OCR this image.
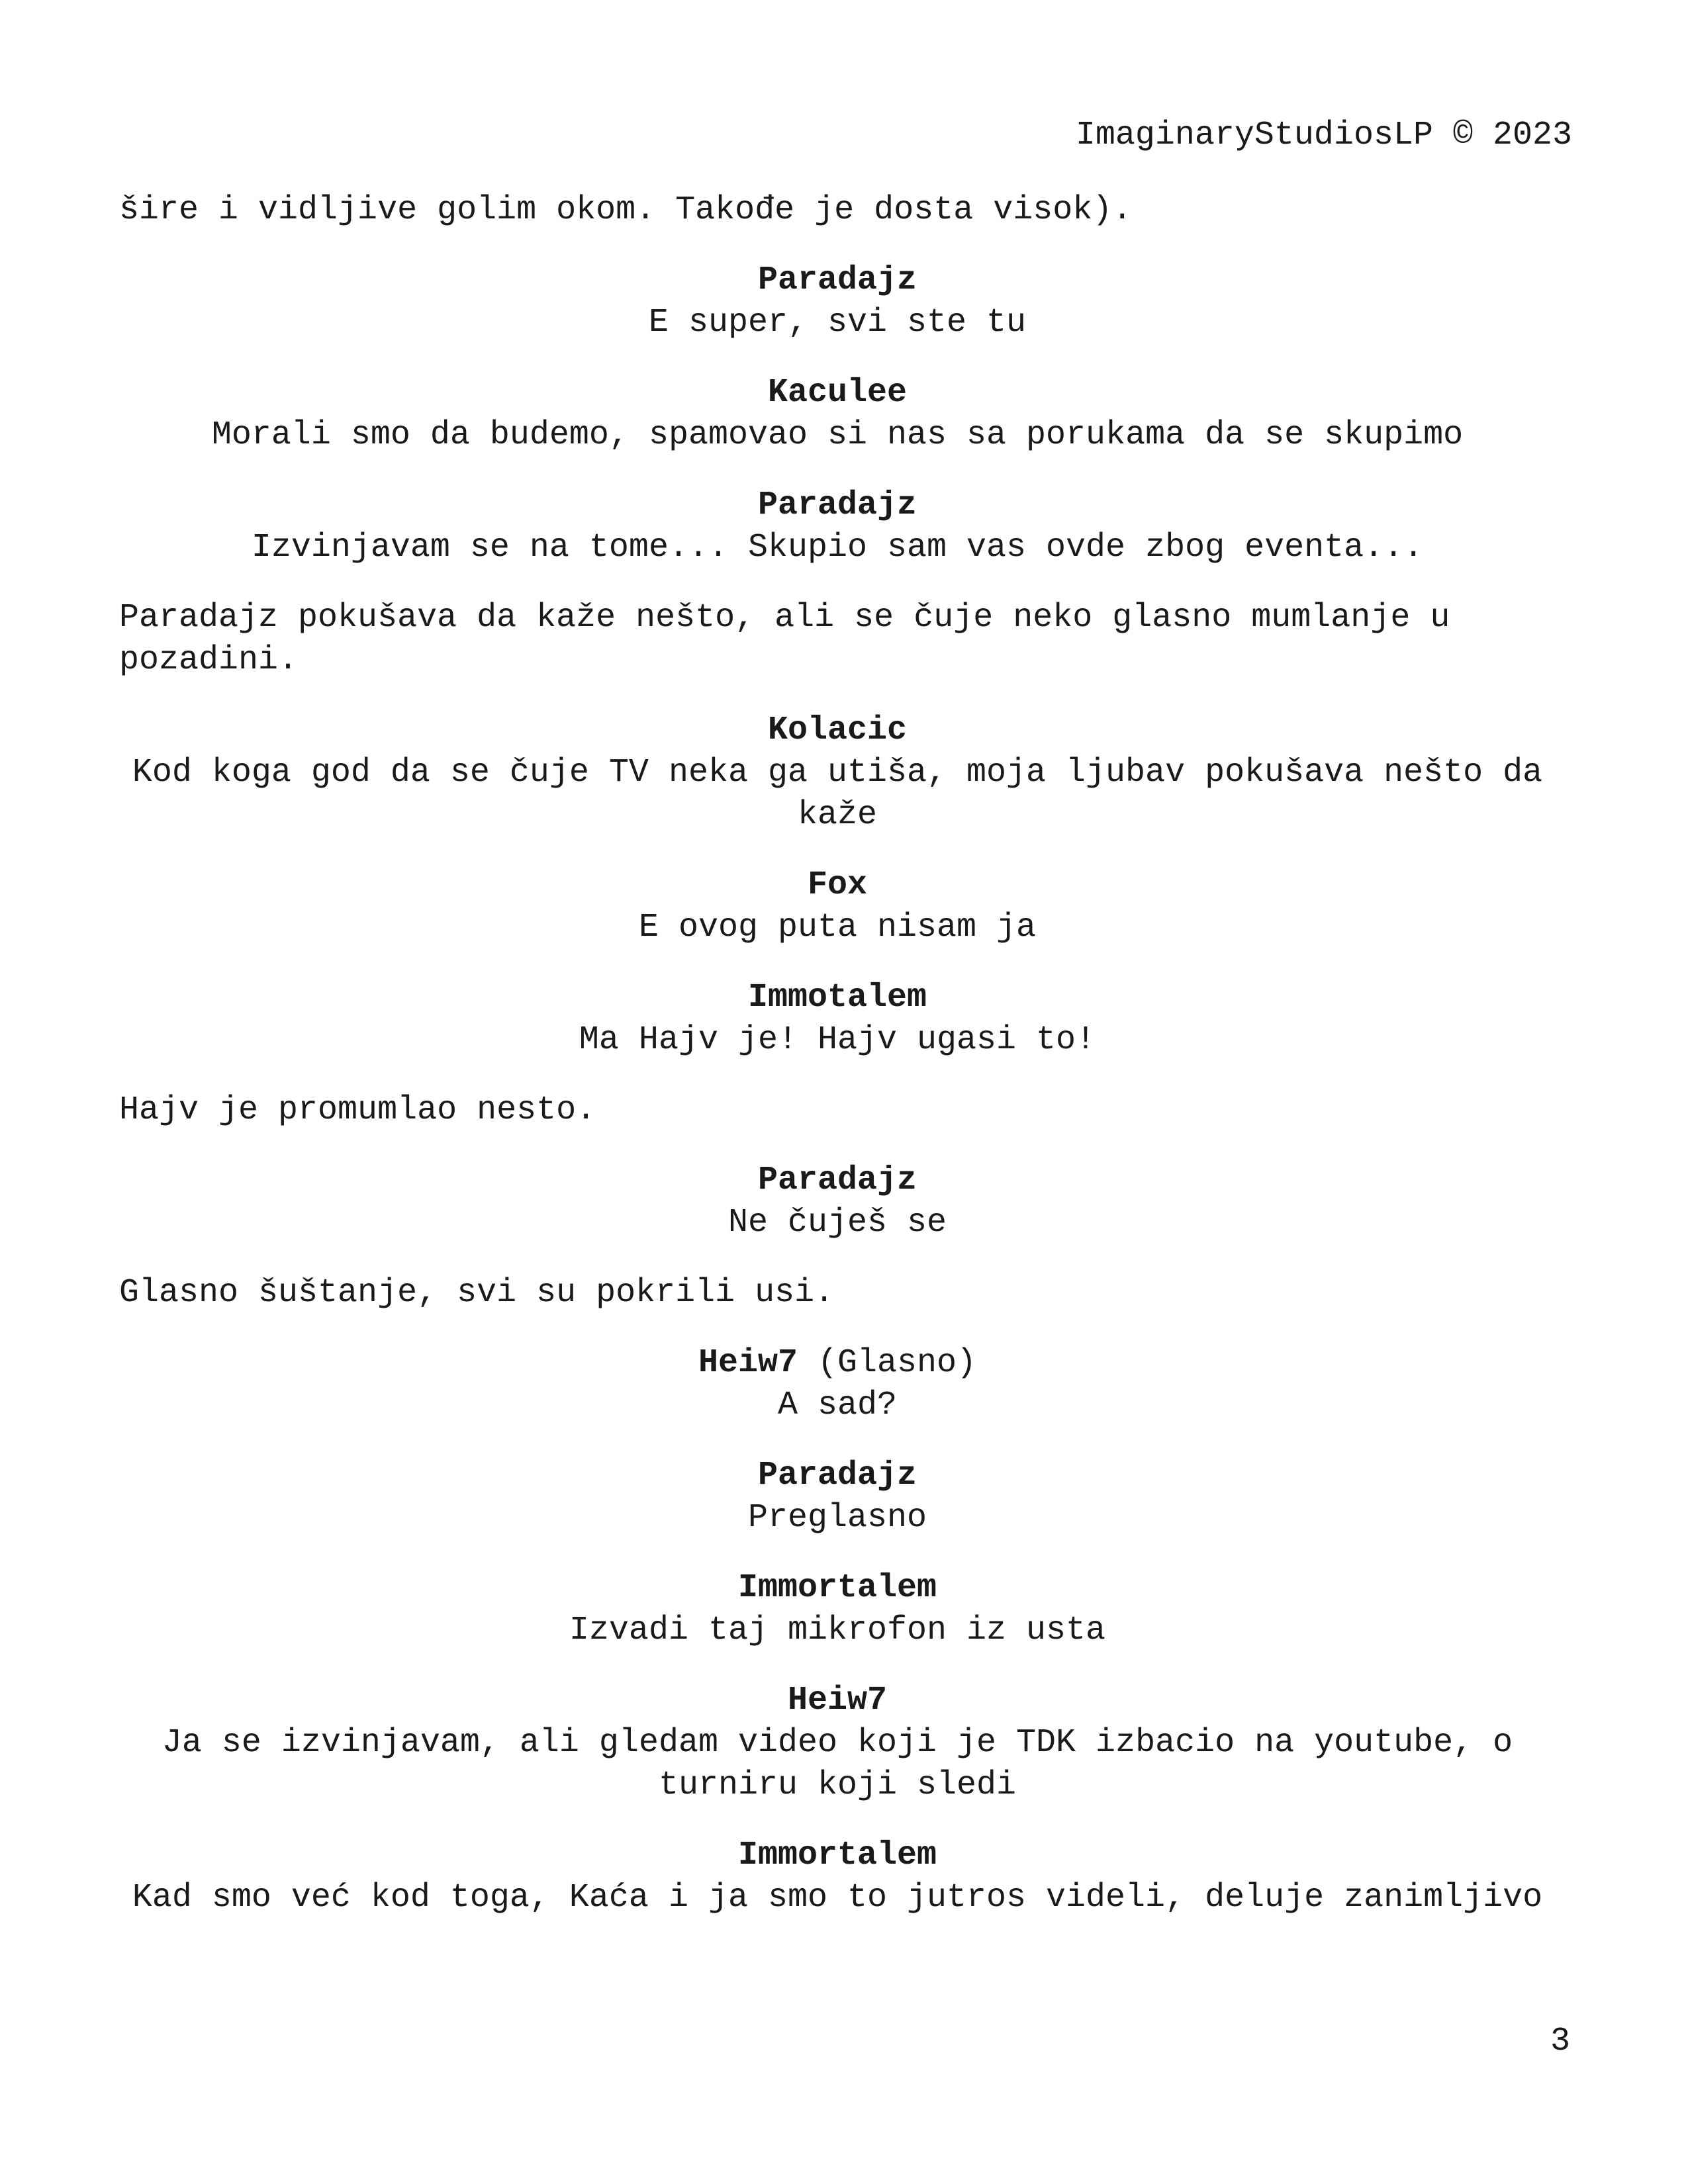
ImaginaryStudiosLP © 2023

šire i vidljive golim okom. Takođe je dosta visok).

Paradajz

E super, svi ste tu

Kaculee

Morali smo da budemo, spamovao si nas sa porukama da se skupimo

Paradajz

Izvinjavam se na tome... Skupio sam vas ovde zbog eventa...

Paradajz pokušava da kaže nešto, ali se čuje neko glasno mumlanje u pozadini.

Kolacic

Kod koga god da se čuje TV neka ga utiša, moja ljubav pokušava nešto da kaže

Fox

E ovog puta nisam ja

Immotalem

Ma Hajv je! Hajv ugasi to!

Hajv je promumlao nesto.

Paradajz

Ne čuješ se

Glasno šuštanje, svi su pokrili usi.

Heiw7 (Glasno)

A sad?

Paradajz

Preglasno

Immortalem

Izvadi taj mikrofon iz usta

Heiw7

Ja se izvinjavam, ali gledam video koji je TDK izbacio na youtube, o turniru koji sledi

Immortalem

Kad smo već kod toga, Kaća i ja smo to jutros videli, deluje zanimljivo

3
